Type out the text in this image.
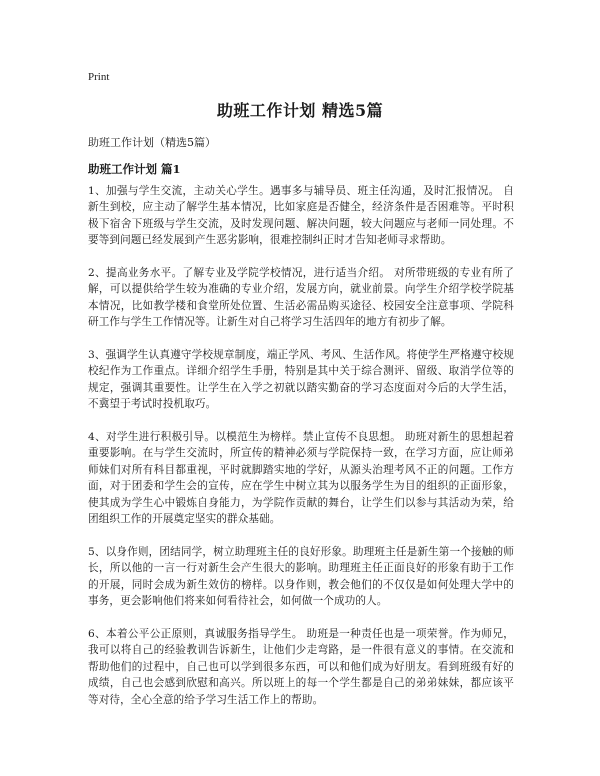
Print
助班工作计划 精选5篇

助班工作计划（精选5篇）

助班工作计划 篇1

1、加强与学生交流，主动关心学生。遇事多与辅导员、班主任沟通，及时汇报情况。 自新生到校，应主动了解学生基本情况，比如家庭是否健全，经济条件是否困难等。平时积极下宿舍下班级与学生交流，及时发现问题、解决问题，较大问题应与老师一同处理。不要等到问题已经发展到产生恶劣影响，很难控制纠正时才告知老师寻求帮助。

2、提高业务水平。了解专业及学院学校情况，进行适当介绍。 对所带班级的专业有所了解，可以提供给学生较为准确的专业介绍，发展方向，就业前景。向学生介绍学校学院基本情况，比如教学楼和食堂所处位置、生活必需品购买途径、校园安全注意事项、学院科研工作与学生工作情况等。让新生对自己将学习生活四年的地方有初步了解。

3、强调学生认真遵守学校规章制度，端正学风、考风、生活作风。将使学生严格遵守校规校纪作为工作重点。详细介绍学生手册，特别是其中关于综合测评、留级、取消学位等的规定，强调其重要性。让学生在入学之初就以踏实勤奋的学习态度面对今后的大学生活，不冀望于考试时投机取巧。

4、对学生进行积极引导。以模范生为榜样。禁止宣传不良思想。 助班对新生的思想起着重要影响。在与学生交流时，所宣传的精神必须与学院保持一致，在学习方面，应让师弟师妹们对所有科目都重视，平时就脚踏实地的学好，从源头治理考风不正的问题。工作方面，对于团委和学生会的宣传，应在学生中树立其为以服务学生为目的组织的正面形象，使其成为学生心中锻炼自身能力，为学院作贡献的舞台，让学生们以参与其活动为荣，给团组织工作的开展奠定坚实的群众基础。

5、以身作则，团结同学，树立助理班主任的良好形象。助理班主任是新生第一个接触的师长，所以他的一言一行对新生会产生很大的影响。助理班主任正面良好的形象有助于工作的开展，同时会成为新生效仿的榜样。以身作则，教会他们的不仅仅是如何处理大学中的事务，更会影响他们将来如何看待社会，如何做一个成功的人。

6、本着公平公正原则，真诚服务指导学生。 助班是一种责任也是一项荣誉。作为师兄，我可以将自己的经验教训告诉新生，让他们少走弯路，是一件很有意义的事情。在交流和帮助他们的过程中，自己也可以学到很多东西，可以和他们成为好朋友。看到班级有好的成绩，自己也会感到欣慰和高兴。所以班上的每一个学生都是自己的弟弟妹妹，都应该平等对待，全心全意的给予学习生活工作上的帮助。
